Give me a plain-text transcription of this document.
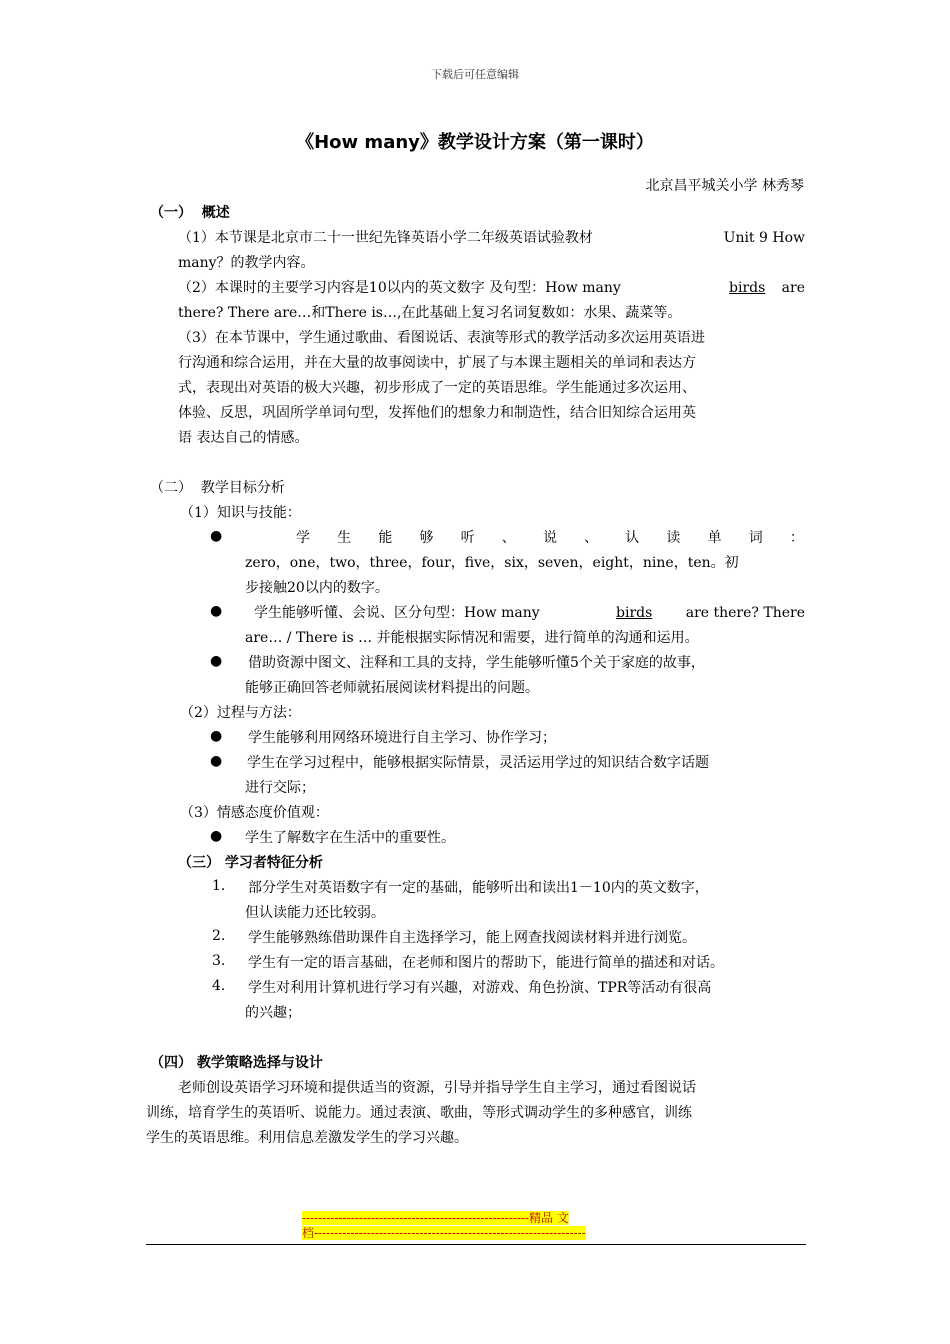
下载后可任意编辑
《How many》教学设计方案（第一课时）
北京昌平城关小学 林秀琴
（一） 概述
（1）本节课是北京市二十一世纪先锋英语小学二年级英语试验教材	Unit 9 How
many？的教学内容。
（2）本课时的主要学习内容是10以内的英文数字 及句型：How many	birds are
there? There are…和There is…,在此基础上复习名词复数如：水果、蔬菜等。
（3）在本节课中，学生通过歌曲、看图说话、表演等形式的教学活动多次运用英语进
行沟通和综合运用，并在大量的故事阅读中，扩展了与本课主题相关的单词和表达方
式，表现出对英语的极大兴趣，初步形成了一定的英语思维。学生能通过多次运用、
体验、反思，巩固所学单词句型，发挥他们的想象力和制造性，结合旧知综合运用英
语 表达自己的情感。
（二） 教学目标分析
（1）知识与技能：
●	学 生 能 够 听 、 说 、 认 读 单 词 ：
zero，one，two，three，four，five，six，seven，eight，nine，ten。初
步接触20以内的数字。
● 学生能够听懂、会说、区分句型：How many	birds are there? There
are… / There is … 并能根据实际情况和需要，进行简单的沟通和运用。
● 借助资源中图文、注释和工具的支持，学生能够听懂5个关于家庭的故事，
能够正确回答老师就拓展阅读材料提出的问题。
（2）过程与方法：
● 学生能够利用网络环境进行自主学习、协作学习；
● 学生在学习过程中，能够根据实际情景，灵活运用学过的知识结合数字话题
进行交际；
（3）情感态度价值观：
● 学生了解数字在生活中的重要性。
（三） 学习者特征分析
1. 部分学生对英语数字有一定的基础，能够听出和读出1－10内的英文数字，
但认读能力还比较弱。
2. 学生能够熟练借助课件自主选择学习，能上网查找阅读材料并进行浏览。
3. 学生有一定的语言基础，在老师和图片的帮助下，能进行简单的描述和对话。
4. 学生对利用计算机进行学习有兴趣，对游戏、角色扮演、TPR等活动有很高
的兴趣；
（四） 教学策略选择与设计
老师创设英语学习环境和提供适当的资源，引导并指导学生自主学习，通过看图说话
训练，培育学生的英语听、说能力。通过表演、歌曲，等形式调动学生的多种感官，训练
学生的英语思维。利用信息差激发学生的学习兴趣。
--------------------------------------------------------精品 文
档-------------------------------------------------------------------
